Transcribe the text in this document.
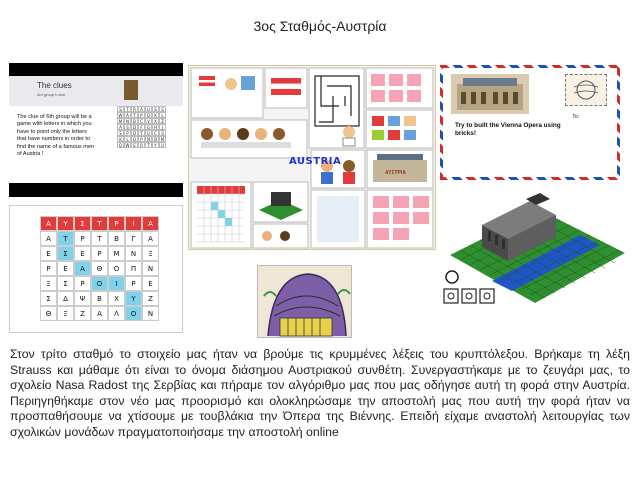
3ος Σταθμός-Αυστρία
The clues
3rd group's clue
The clue of 6th group will be a game with letters in which you have to point only the letters that have numbers in order to find the name of a famous men of Austria !
S	T	R	A	U	S	S
W A	T	P	O	K	L
M N	B	C	V	X	Z
A	S	D	F	G H	J
S	P	O	T	U	C	S
K	L	O	P	N	B M
Q W E	R	T	Y	U
Α	Υ	Σ	Τ	Ρ	Ι	Α
Α	Τ	Ρ	Τ	Β	Γ	Α
Ε	Σ	Ε	Ρ	Μ	Ν	Ξ
Ρ	Ε	Α	Θ	Ο	Π	Ν
Ξ	Σ	Ρ	Ο	Ι	Ρ	Ε
Σ	Δ	Ψ	Β	Χ	Υ	Ζ
Θ	Ξ	Ζ	Α	Λ	Ο	Ν
AUSTRIA
ΑΥΣΤΡΙΑ
Try to built the Vienna Opera using bricks!
To:
Στον τρίτο σταθμό το στοιχείο μας ήταν να βρούμε τις κρυμμένες λέξεις του κρυπτόλεξου. Βρήκαμε τη λέξη Strauss και μάθαμε ότι είναι το όνομα διάσημου Αυστριακού συνθέτη. Συνεργαστήκαμε με το ζευγάρι μας, το σχολείο Nasa Radost της Σερβίας και πήραμε τον αλγόριθμο μας που μας οδήγησε αυτή τη φορά στην Αυστρία. Περιηγηθήκαμε στον νέο μας προορισμό και ολοκληρώσαμε την αποστολή μας που αυτή την φορά ήταν να προσπαθήσουμε να χτίσουμε με τουβλάκια την Όπερα της Βιέννης. Επειδή είχαμε αναστολή λειτουργίας των σχολικών μονάδων πραγματοποιήσαμε την αποστολή online
